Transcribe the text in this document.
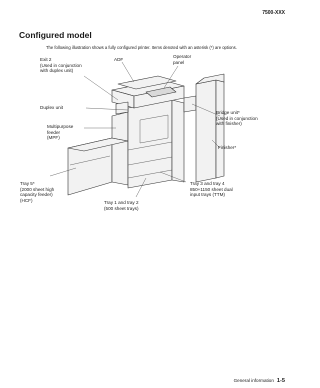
7500-XXX
Configured model
The following illustration shows a fully configured printer. Items denoted with an asterisk (*) are options.
Exit 2
(Used in conjunction
with duplex unit)
ADF
Operator
panel
Duplex unit
Bridge unit*
(Used in conjunction
with finisher)
Multipurpose
feeder
(MPF)
Finisher*
Tray 5*
(2000 sheet high
capacity feeder)
(HCF)
Tray 3 and tray 4
850+1150 sheet dual
input trays (TTM)
Tray 1 and tray 2
(500 sheet trays)
General information 1-5
